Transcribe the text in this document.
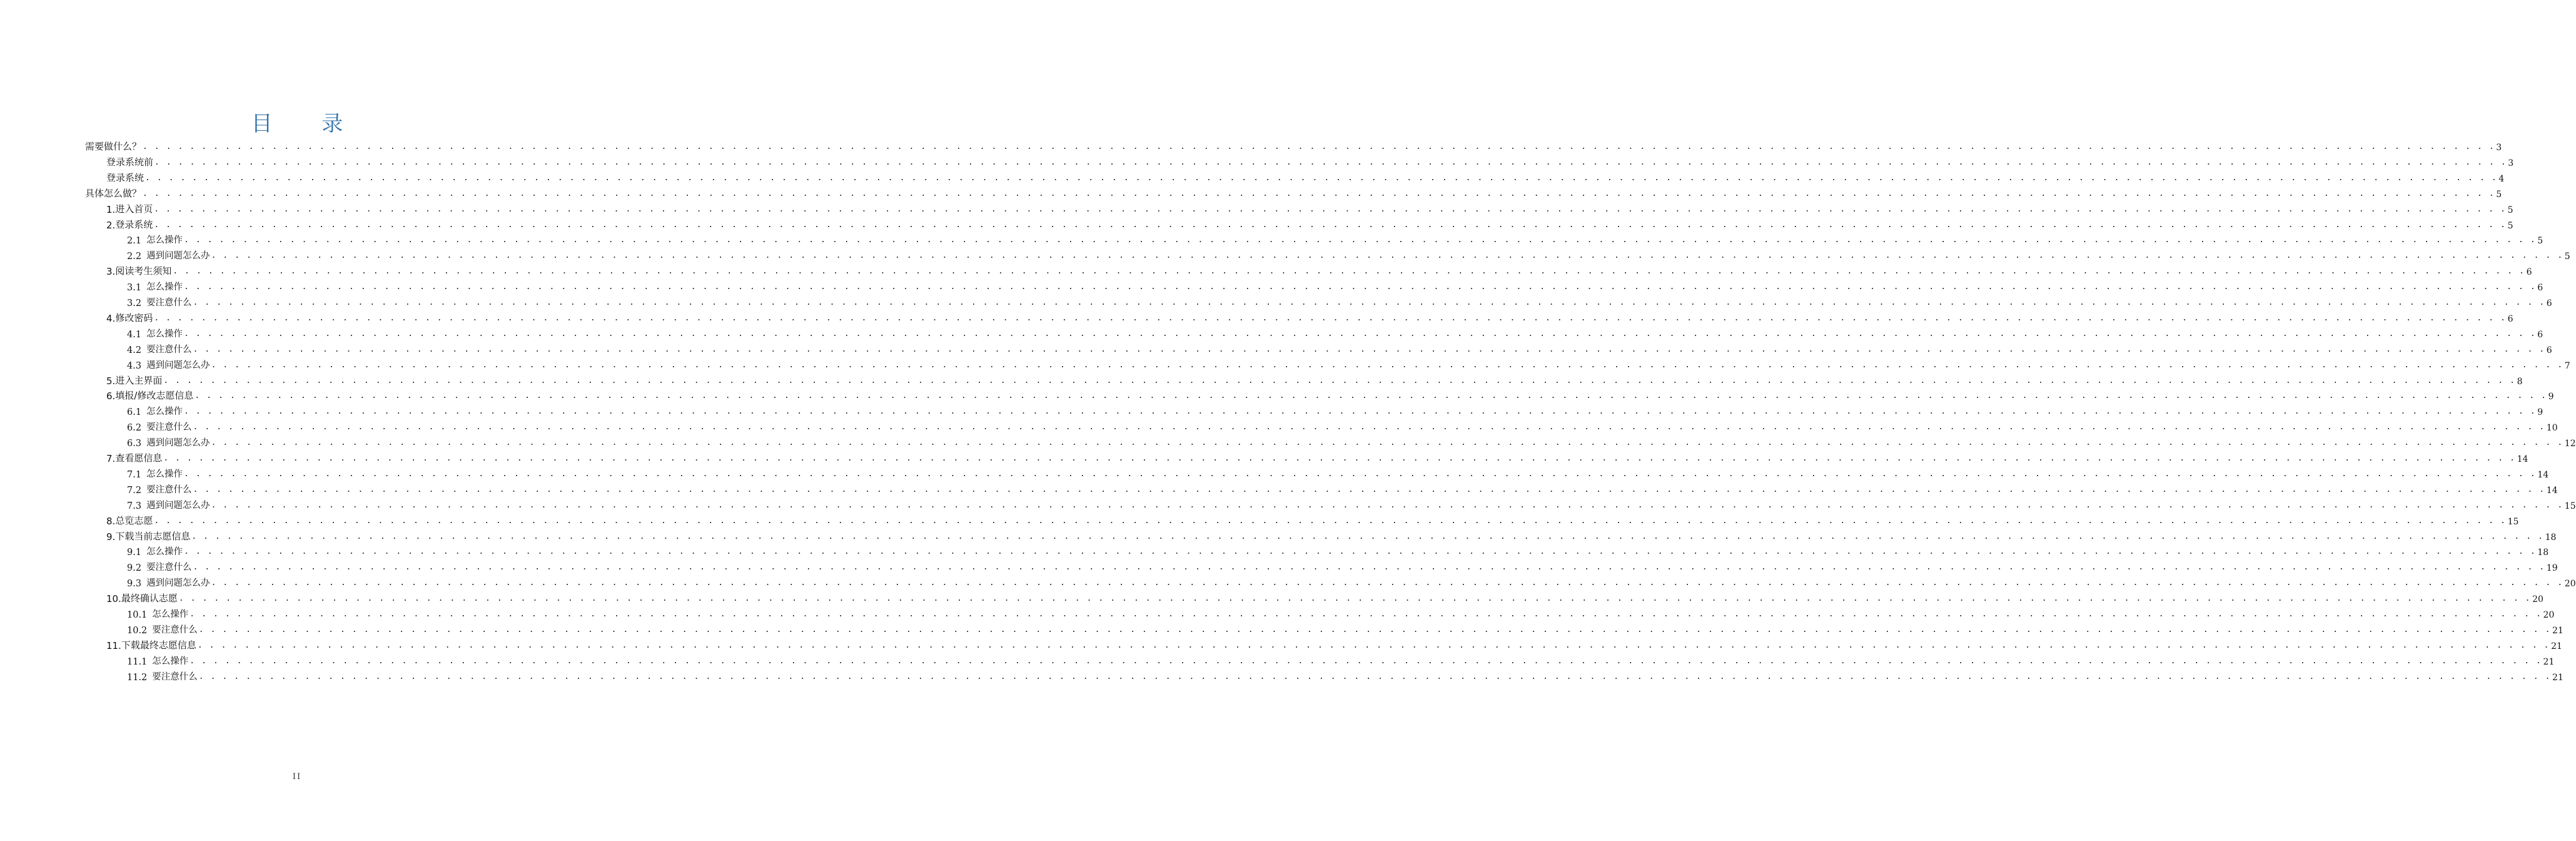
目 录
需要做什么？ . . . . . . . . . . . . . . . . . . . . . . . . . . . . . . . . . . . . . . . . . . . . . . . . . . . . . . . . . . . . . . . . . . . . . . . . . . . . . . . . . . . . . . . . . . . . . . . . . . . . . . . . . . . . . . . . . . . . . . . . . . . . . . . . . . . . . . . . . . . . . . . . . . . . . . . . . . . . . . . . . . . . . . . . . . . . . . . . . . . . . . . . . . . . . . . . . . . . . . . . 3
登录系统前 . . . . . . . . . . . . . . . . . . . . . . . . . . . . . . . . . . . . . . . . . . . . . . . . . . . . . . . . . . . . . . . . . . . . . . . . . . . . . . . . . . . . . . . . . . . . . . . . . . . . . . . . . . . . . . . . . . . . . . . . . . . . . . . . . . . . . . . . . . . . . . . . . . . . . . . . . . . . . . . . . . . . . . . . . . . . . . . . . . . . . . . . . . . . . . . . . . . . . . . . 3
登录系统 . . . . . . . . . . . . . . . . . . . . . . . . . . . . . . . . . . . . . . . . . . . . . . . . . . . . . . . . . . . . . . . . . . . . . . . . . . . . . . . . . . . . . . . . . . . . . . . . . . . . . . . . . . . . . . . . . . . . . . . . . . . . . . . . . . . . . . . . . . . . . . . . . . . . . . . . . . . . . . . . . . . . . . . . . . . . . . . . . . . . . . . . . . . . . . . . . . . . . . . . 4
具体怎么做？ . . . . . . . . . . . . . . . . . . . . . . . . . . . . . . . . . . . . . . . . . . . . . . . . . . . . . . . . . . . . . . . . . . . . . . . . . . . . . . . . . . . . . . . . . . . . . . . . . . . . . . . . . . . . . . . . . . . . . . . . . . . . . . . . . . . . . . . . . . . . . . . . . . . . . . . . . . . . . . . . . . . . . . . . . . . . . . . . . . . . . . . . . . . . . . . . . . . . . . . . 5
1. 进入首页 . . . . . . . . . . . . . . . . . . . . . . . . . . . . . . . . . . . . . . . . . . . . . . . . . . . . . . . . . . . . . . . . . . . . . . . . . . . . . . . . . . . . . . . . . . . . . . . . . . . . . . . . . . . . . . . . . . . . . . . . . . . . . . . . . . . . . . . . . . . . . . . . . . . . . . . . . . . . . . . . . . . . . . . . . . . . . . . . . . . . . . . . . . . . . . . . . . . . . . . . 5
2. 登录系统 . . . . . . . . . . . . . . . . . . . . . . . . . . . . . . . . . . . . . . . . . . . . . . . . . . . . . . . . . . . . . . . . . . . . . . . . . . . . . . . . . . . . . . . . . . . . . . . . . . . . . . . . . . . . . . . . . . . . . . . . . . . . . . . . . . . . . . . . . . . . . . . . . . . . . . . . . . . . . . . . . . . . . . . . . . . . . . . . . . . . . . . . . . . . . . . . . . . . . . . . 5
2.1 怎么操作 . . . . . . . . . . . . . . . . . . . . . . . . . . . . . . . . . . . . . . . . . . . . . . . . . . . . . . . . . . . . . . . . . . . . . . . . . . . . . . . . . . . . . . . . . . . . . . . . . . . . . . . . . . . . . . . . . . . . . . . . . . . . . . . . . . . . . . . . . . . . . . . . . . . . . . . . . . . . . . . . . . . . . . . . . . . . . . . . . . . . . . . . . . . . . . . . . . . . . . . . 5
2.2 遇到问题怎么办 . . . . . . . . . . . . . . . . . . . . . . . . . . . . . . . . . . . . . . . . . . . . . . . . . . . . . . . . . . . . . . . . . . . . . . . . . . . . . . . . . . . . . . . . . . . . . . . . . . . . . . . . . . . . . . . . . . . . . . . . . . . . . . . . . . . . . . . . . . . . . . . . . . . . . . . . . . . . . . . . . . . . . . . . . . . . . . . . . . . . . . . . . . . . . . . . . . . . . . . . 5
3. 阅读考生须知 . . . . . . . . . . . . . . . . . . . . . . . . . . . . . . . . . . . . . . . . . . . . . . . . . . . . . . . . . . . . . . . . . . . . . . . . . . . . . . . . . . . . . . . . . . . . . . . . . . . . . . . . . . . . . . . . . . . . . . . . . . . . . . . . . . . . . . . . . . . . . . . . . . . . . . . . . . . . . . . . . . . . . . . . . . . . . . . . . . . . . . . . . . . . . . . . . . . . . . . . 6
3.1 怎么操作 . . . . . . . . . . . . . . . . . . . . . . . . . . . . . . . . . . . . . . . . . . . . . . . . . . . . . . . . . . . . . . . . . . . . . . . . . . . . . . . . . . . . . . . . . . . . . . . . . . . . . . . . . . . . . . . . . . . . . . . . . . . . . . . . . . . . . . . . . . . . . . . . . . . . . . . . . . . . . . . . . . . . . . . . . . . . . . . . . . . . . . . . . . . . . . . . . . . . . . . . 6
3.2 要注意什么 . . . . . . . . . . . . . . . . . . . . . . . . . . . . . . . . . . . . . . . . . . . . . . . . . . . . . . . . . . . . . . . . . . . . . . . . . . . . . . . . . . . . . . . . . . . . . . . . . . . . . . . . . . . . . . . . . . . . . . . . . . . . . . . . . . . . . . . . . . . . . . . . . . . . . . . . . . . . . . . . . . . . . . . . . . . . . . . . . . . . . . . . . . . . . . . . . . . . . . . . 6
4. 修改密码 . . . . . . . . . . . . . . . . . . . . . . . . . . . . . . . . . . . . . . . . . . . . . . . . . . . . . . . . . . . . . . . . . . . . . . . . . . . . . . . . . . . . . . . . . . . . . . . . . . . . . . . . . . . . . . . . . . . . . . . . . . . . . . . . . . . . . . . . . . . . . . . . . . . . . . . . . . . . . . . . . . . . . . . . . . . . . . . . . . . . . . . . . . . . . . . . . . . . . . . . 6
4.1 怎么操作 . . . . . . . . . . . . . . . . . . . . . . . . . . . . . . . . . . . . . . . . . . . . . . . . . . . . . . . . . . . . . . . . . . . . . . . . . . . . . . . . . . . . . . . . . . . . . . . . . . . . . . . . . . . . . . . . . . . . . . . . . . . . . . . . . . . . . . . . . . . . . . . . . . . . . . . . . . . . . . . . . . . . . . . . . . . . . . . . . . . . . . . . . . . . . . . . . . . . . . . . 6
4.2 要注意什么 . . . . . . . . . . . . . . . . . . . . . . . . . . . . . . . . . . . . . . . . . . . . . . . . . . . . . . . . . . . . . . . . . . . . . . . . . . . . . . . . . . . . . . . . . . . . . . . . . . . . . . . . . . . . . . . . . . . . . . . . . . . . . . . . . . . . . . . . . . . . . . . . . . . . . . . . . . . . . . . . . . . . . . . . . . . . . . . . . . . . . . . . . . . . . . . . . . . . . . . . 6
4.3 遇到问题怎么办 . . . . . . . . . . . . . . . . . . . . . . . . . . . . . . . . . . . . . . . . . . . . . . . . . . . . . . . . . . . . . . . . . . . . . . . . . . . . . . . . . . . . . . . . . . . . . . . . . . . . . . . . . . . . . . . . . . . . . . . . . . . . . . . . . . . . . . . . . . . . . . . . . . . . . . . . . . . . . . . . . . . . . . . . . . . . . . . . . . . . . . . . . . . . . . . . . . . . . . . . 7
5. 进入主界面 . . . . . . . . . . . . . . . . . . . . . . . . . . . . . . . . . . . . . . . . . . . . . . . . . . . . . . . . . . . . . . . . . . . . . . . . . . . . . . . . . . . . . . . . . . . . . . . . . . . . . . . . . . . . . . . . . . . . . . . . . . . . . . . . . . . . . . . . . . . . . . . . . . . . . . . . . . . . . . . . . . . . . . . . . . . . . . . . . . . . . . . . . . . . . . . . . . . . . . . . 8
6. 填报/修改志愿信息 . . . . . . . . . . . . . . . . . . . . . . . . . . . . . . . . . . . . . . . . . . . . . . . . . . . . . . . . . . . . . . . . . . . . . . . . . . . . . . . . . . . . . . . . . . . . . . . . . . . . . . . . . . . . . . . . . . . . . . . . . . . . . . . . . . . . . . . . . . . . . . . . . . . . . . . . . . . . . . . . . . . . . . . . . . . . . . . . . . . . . . . . . . . . . . . . . . . . . . . . 9
6.1 怎么操作 . . . . . . . . . . . . . . . . . . . . . . . . . . . . . . . . . . . . . . . . . . . . . . . . . . . . . . . . . . . . . . . . . . . . . . . . . . . . . . . . . . . . . . . . . . . . . . . . . . . . . . . . . . . . . . . . . . . . . . . . . . . . . . . . . . . . . . . . . . . . . . . . . . . . . . . . . . . . . . . . . . . . . . . . . . . . . . . . . . . . . . . . . . . . . . . . . . . . . . . . 9
6.2 要注意什么 . . . . . . . . . . . . . . . . . . . . . . . . . . . . . . . . . . . . . . . . . . . . . . . . . . . . . . . . . . . . . . . . . . . . . . . . . . . . . . . . . . . . . . . . . . . . . . . . . . . . . . . . . . . . . . . . . . . . . . . . . . . . . . . . . . . . . . . . . . . . . . . . . . . . . . . . . . . . . . . . . . . . . . . . . . . . . . . . . . . . . . . . . . . . . . . . . . . . . . . . 10
6.3 遇到问题怎么办 . . . . . . . . . . . . . . . . . . . . . . . . . . . . . . . . . . . . . . . . . . . . . . . . . . . . . . . . . . . . . . . . . . . . . . . . . . . . . . . . . . . . . . . . . . . . . . . . . . . . . . . . . . . . . . . . . . . . . . . . . . . . . . . . . . . . . . . . . . . . . . . . . . . . . . . . . . . . . . . . . . . . . . . . . . . . . . . . . . . . . . . . . . . . . . . . . . . . . . . . 12
7. 查看愿信息 . . . . . . . . . . . . . . . . . . . . . . . . . . . . . . . . . . . . . . . . . . . . . . . . . . . . . . . . . . . . . . . . . . . . . . . . . . . . . . . . . . . . . . . . . . . . . . . . . . . . . . . . . . . . . . . . . . . . . . . . . . . . . . . . . . . . . . . . . . . . . . . . . . . . . . . . . . . . . . . . . . . . . . . . . . . . . . . . . . . . . . . . . . . . . . . . . . . . . . . . 14
7.1 怎么操作 . . . . . . . . . . . . . . . . . . . . . . . . . . . . . . . . . . . . . . . . . . . . . . . . . . . . . . . . . . . . . . . . . . . . . . . . . . . . . . . . . . . . . . . . . . . . . . . . . . . . . . . . . . . . . . . . . . . . . . . . . . . . . . . . . . . . . . . . . . . . . . . . . . . . . . . . . . . . . . . . . . . . . . . . . . . . . . . . . . . . . . . . . . . . . . . . . . . . . . . . 14
7.2 要注意什么 . . . . . . . . . . . . . . . . . . . . . . . . . . . . . . . . . . . . . . . . . . . . . . . . . . . . . . . . . . . . . . . . . . . . . . . . . . . . . . . . . . . . . . . . . . . . . . . . . . . . . . . . . . . . . . . . . . . . . . . . . . . . . . . . . . . . . . . . . . . . . . . . . . . . . . . . . . . . . . . . . . . . . . . . . . . . . . . . . . . . . . . . . . . . . . . . . . . . . . . . 14
7.3 遇到问题怎么办 . . . . . . . . . . . . . . . . . . . . . . . . . . . . . . . . . . . . . . . . . . . . . . . . . . . . . . . . . . . . . . . . . . . . . . . . . . . . . . . . . . . . . . . . . . . . . . . . . . . . . . . . . . . . . . . . . . . . . . . . . . . . . . . . . . . . . . . . . . . . . . . . . . . . . . . . . . . . . . . . . . . . . . . . . . . . . . . . . . . . . . . . . . . . . . . . . . . . . . . . 15
8. 总览志愿 . . . . . . . . . . . . . . . . . . . . . . . . . . . . . . . . . . . . . . . . . . . . . . . . . . . . . . . . . . . . . . . . . . . . . . . . . . . . . . . . . . . . . . . . . . . . . . . . . . . . . . . . . . . . . . . . . . . . . . . . . . . . . . . . . . . . . . . . . . . . . . . . . . . . . . . . . . . . . . . . . . . . . . . . . . . . . . . . . . . . . . . . . . . . . . . . . . . . . . . . 15
9. 下载当前志愿信息 . . . . . . . . . . . . . . . . . . . . . . . . . . . . . . . . . . . . . . . . . . . . . . . . . . . . . . . . . . . . . . . . . . . . . . . . . . . . . . . . . . . . . . . . . . . . . . . . . . . . . . . . . . . . . . . . . . . . . . . . . . . . . . . . . . . . . . . . . . . . . . . . . . . . . . . . . . . . . . . . . . . . . . . . . . . . . . . . . . . . . . . . . . . . . . . . . . . . . . . . 18
9.1 怎么操作 . . . . . . . . . . . . . . . . . . . . . . . . . . . . . . . . . . . . . . . . . . . . . . . . . . . . . . . . . . . . . . . . . . . . . . . . . . . . . . . . . . . . . . . . . . . . . . . . . . . . . . . . . . . . . . . . . . . . . . . . . . . . . . . . . . . . . . . . . . . . . . . . . . . . . . . . . . . . . . . . . . . . . . . . . . . . . . . . . . . . . . . . . . . . . . . . . . . . . . . . 18
9.2 要注意什么 . . . . . . . . . . . . . . . . . . . . . . . . . . . . . . . . . . . . . . . . . . . . . . . . . . . . . . . . . . . . . . . . . . . . . . . . . . . . . . . . . . . . . . . . . . . . . . . . . . . . . . . . . . . . . . . . . . . . . . . . . . . . . . . . . . . . . . . . . . . . . . . . . . . . . . . . . . . . . . . . . . . . . . . . . . . . . . . . . . . . . . . . . . . . . . . . . . . . . . . . 19
9.3 遇到问题怎么办 . . . . . . . . . . . . . . . . . . . . . . . . . . . . . . . . . . . . . . . . . . . . . . . . . . . . . . . . . . . . . . . . . . . . . . . . . . . . . . . . . . . . . . . . . . . . . . . . . . . . . . . . . . . . . . . . . . . . . . . . . . . . . . . . . . . . . . . . . . . . . . . . . . . . . . . . . . . . . . . . . . . . . . . . . . . . . . . . . . . . . . . . . . . . . . . . . . . . . . . . 20
10. 最终确认志愿 . . . . . . . . . . . . . . . . . . . . . . . . . . . . . . . . . . . . . . . . . . . . . . . . . . . . . . . . . . . . . . . . . . . . . . . . . . . . . . . . . . . . . . . . . . . . . . . . . . . . . . . . . . . . . . . . . . . . . . . . . . . . . . . . . . . . . . . . . . . . . . . . . . . . . . . . . . . . . . . . . . . . . . . . . . . . . . . . . . . . . . . . . . . . . . . . . . . . . . . . 20
10.1 怎么操作 . . . . . . . . . . . . . . . . . . . . . . . . . . . . . . . . . . . . . . . . . . . . . . . . . . . . . . . . . . . . . . . . . . . . . . . . . . . . . . . . . . . . . . . . . . . . . . . . . . . . . . . . . . . . . . . . . . . . . . . . . . . . . . . . . . . . . . . . . . . . . . . . . . . . . . . . . . . . . . . . . . . . . . . . . . . . . . . . . . . . . . . . . . . . . . . . . . . . . . . . 20
10.2 要注意什么 . . . . . . . . . . . . . . . . . . . . . . . . . . . . . . . . . . . . . . . . . . . . . . . . . . . . . . . . . . . . . . . . . . . . . . . . . . . . . . . . . . . . . . . . . . . . . . . . . . . . . . . . . . . . . . . . . . . . . . . . . . . . . . . . . . . . . . . . . . . . . . . . . . . . . . . . . . . . . . . . . . . . . . . . . . . . . . . . . . . . . . . . . . . . . . . . . . . . . . . . 21
11. 下载最终志愿信息 . . . . . . . . . . . . . . . . . . . . . . . . . . . . . . . . . . . . . . . . . . . . . . . . . . . . . . . . . . . . . . . . . . . . . . . . . . . . . . . . . . . . . . . . . . . . . . . . . . . . . . . . . . . . . . . . . . . . . . . . . . . . . . . . . . . . . . . . . . . . . . . . . . . . . . . . . . . . . . . . . . . . . . . . . . . . . . . . . . . . . . . . . . . . . . . . . . . . . . . . 21
11.1 怎么操作 . . . . . . . . . . . . . . . . . . . . . . . . . . . . . . . . . . . . . . . . . . . . . . . . . . . . . . . . . . . . . . . . . . . . . . . . . . . . . . . . . . . . . . . . . . . . . . . . . . . . . . . . . . . . . . . . . . . . . . . . . . . . . . . . . . . . . . . . . . . . . . . . . . . . . . . . . . . . . . . . . . . . . . . . . . . . . . . . . . . . . . . . . . . . . . . . . . . . . . . . 21
11.2 要注意什么 . . . . . . . . . . . . . . . . . . . . . . . . . . . . . . . . . . . . . . . . . . . . . . . . . . . . . . . . . . . . . . . . . . . . . . . . . . . . . . . . . . . . . . . . . . . . . . . . . . . . . . . . . . . . . . . . . . . . . . . . . . . . . . . . . . . . . . . . . . . . . . . . . . . . . . . . . . . . . . . . . . . . . . . . . . . . . . . . . . . . . . . . . . . . . . . . . . . . . . . . 21
II
